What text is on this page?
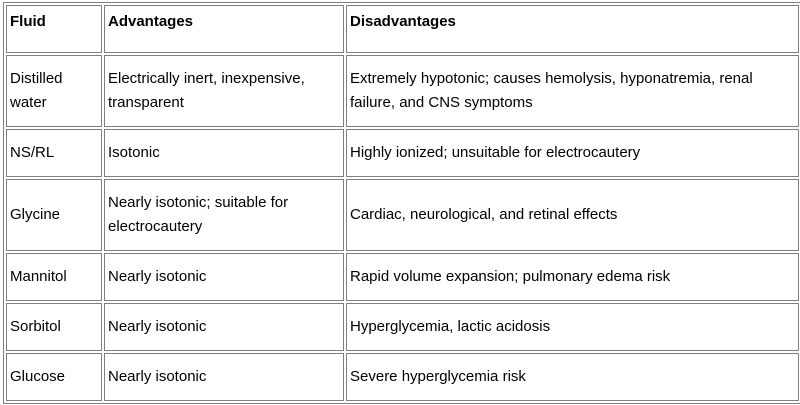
Fluid	Advantages	Disadvantages
Distilled water	Electrically inert, inexpensive, transparent	Extremely hypotonic; causes hemolysis, hyponatremia, renal failure, and CNS symptoms
NS/RL	Isotonic	Highly ionized; unsuitable for electrocautery
Glycine	Nearly isotonic; suitable for electrocautery	Cardiac, neurological, and retinal effects
Mannitol	Nearly isotonic	Rapid volume expansion; pulmonary edema risk
Sorbitol	Nearly isotonic	Hyperglycemia, lactic acidosis
Glucose	Nearly isotonic	Severe hyperglycemia risk
